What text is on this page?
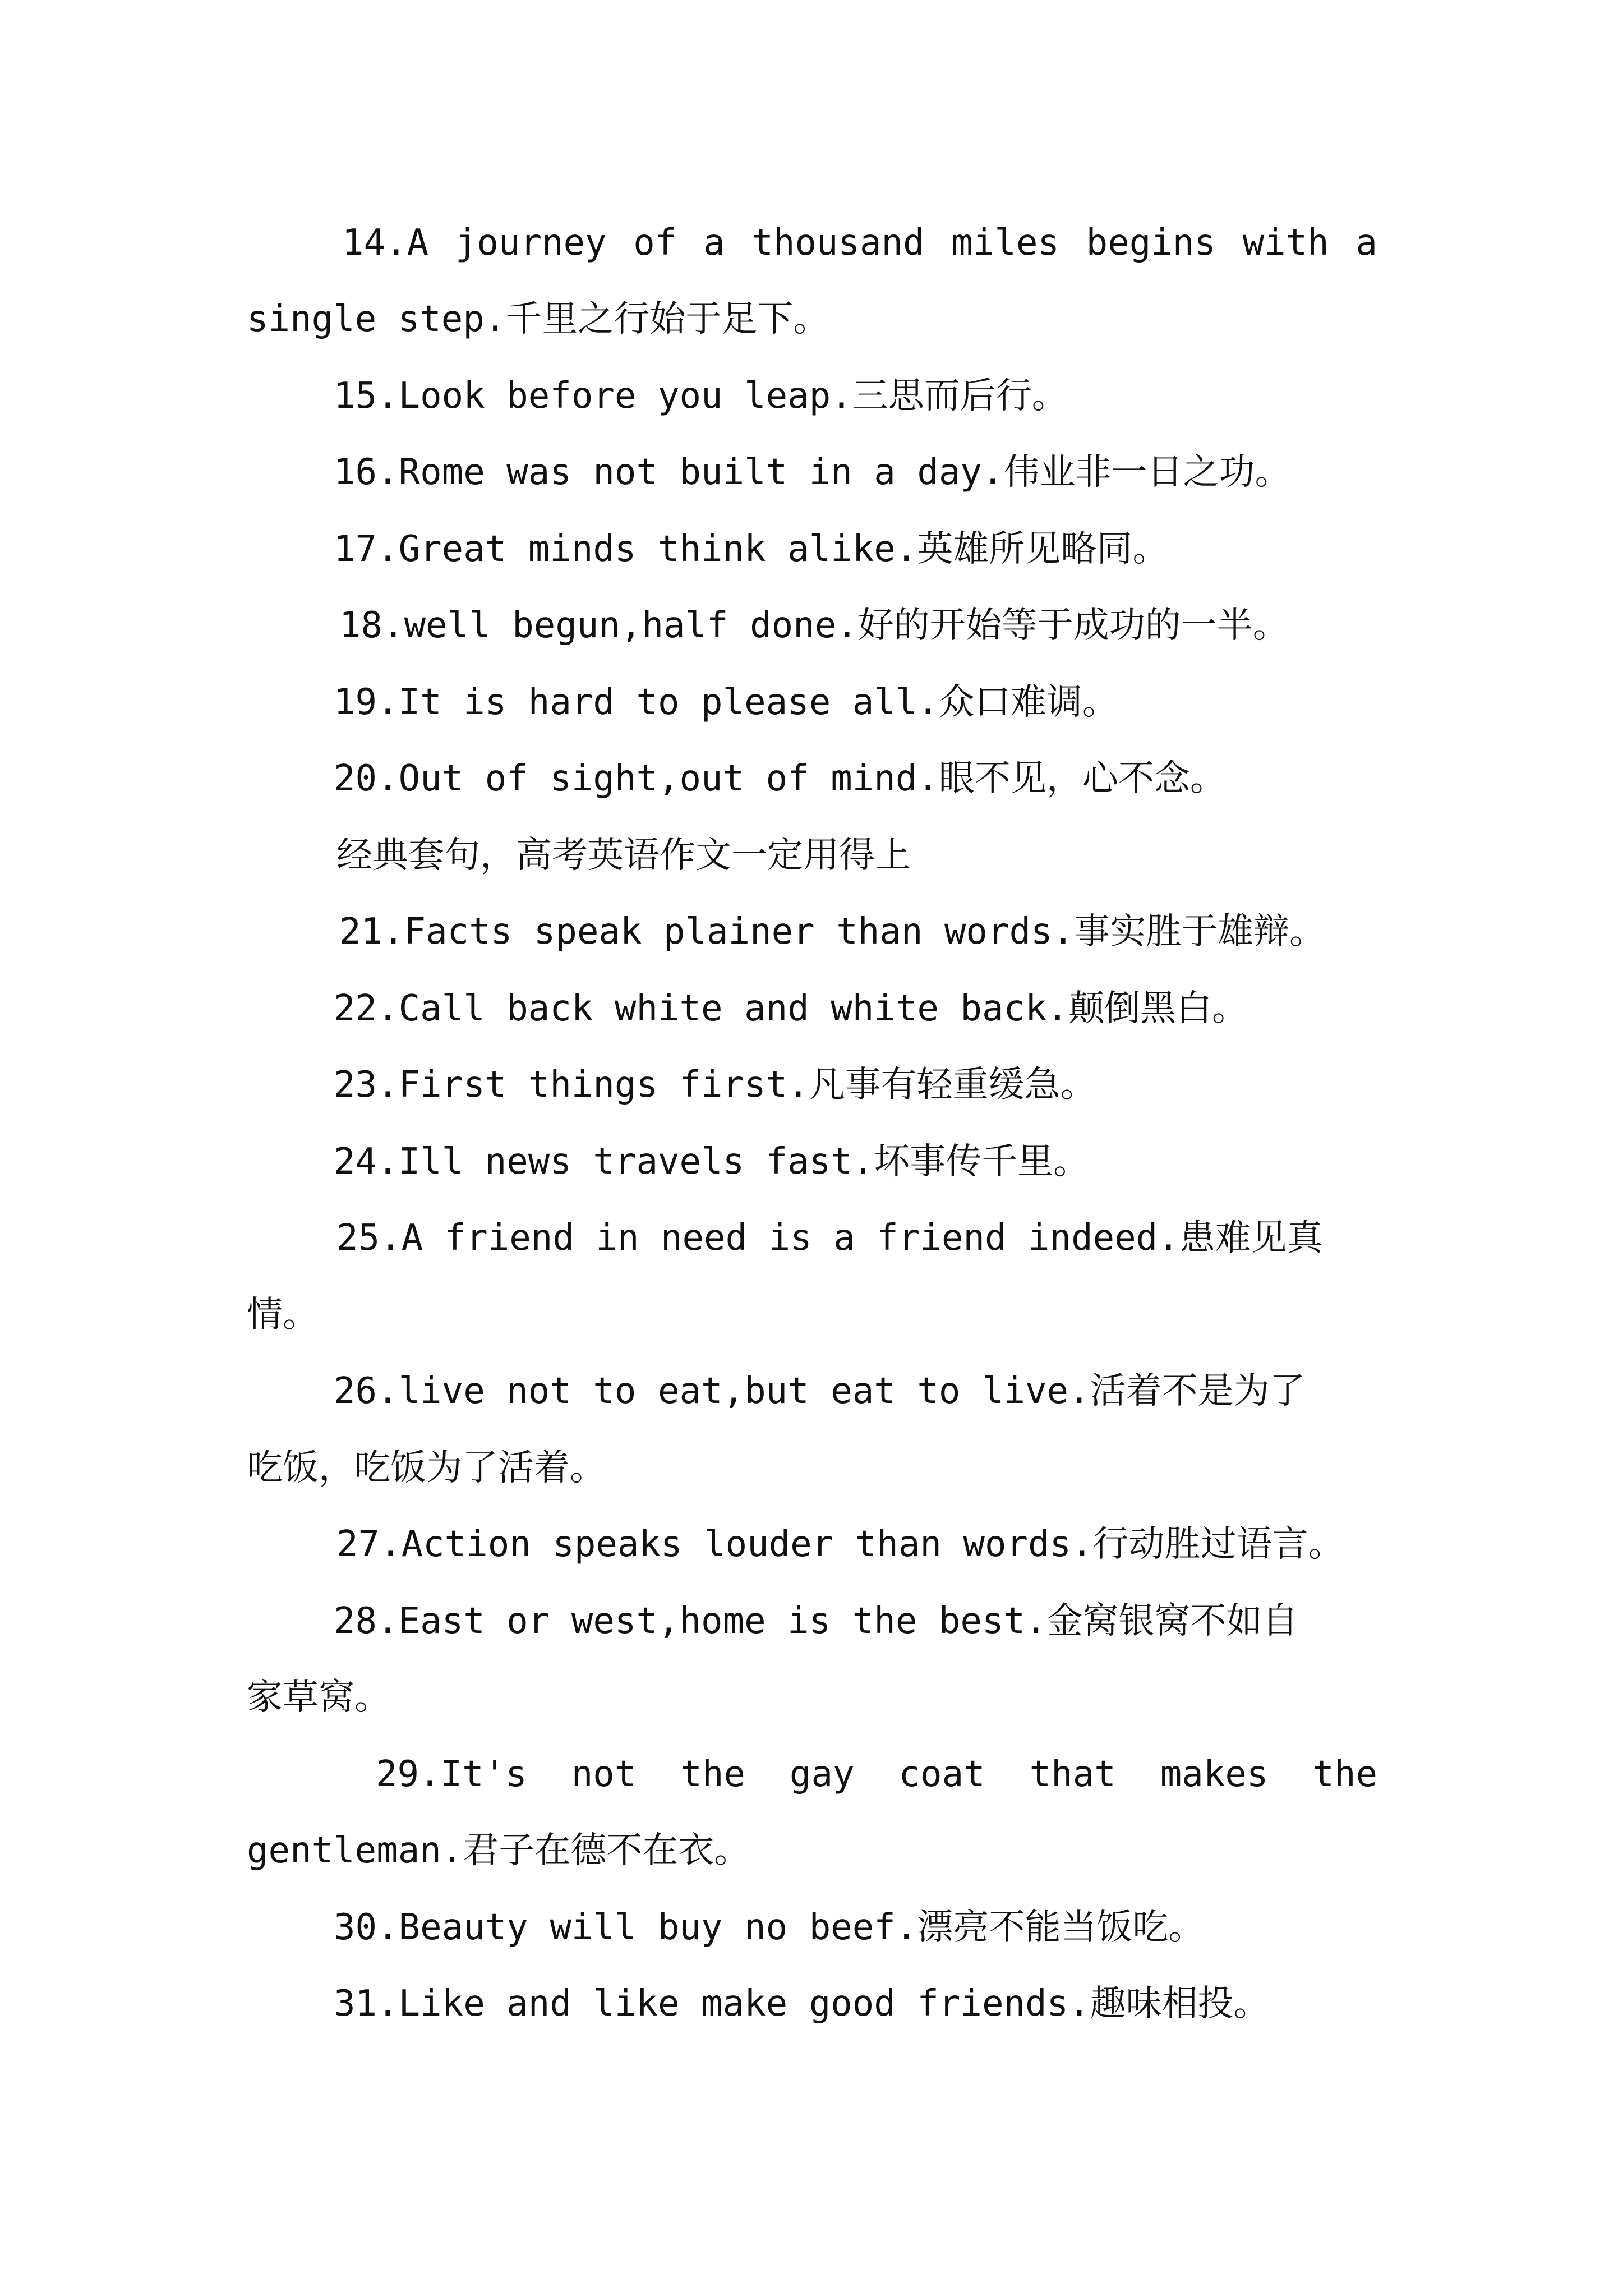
14.A journey of a thousand miles begins with a
single step.千里之行始于足下。
15.Look before you leap.三思而后行。
16.Rome was not built in a day.伟业非一日之功。
17.Great minds think alike.英雄所见略同。
18.well begun,half done.好的开始等于成功的一半。
19.It is hard to please all.众口难调。
20.Out of sight,out of mind.眼不见，心不念。
经典套句，高考英语作文一定用得上
21.Facts speak plainer than words.事实胜于雄辩。
22.Call back white and white back.颠倒黑白。
23.First things first.凡事有轻重缓急。
24.Ill news travels fast.坏事传千里。
25.A friend in need is a friend indeed.患难见真
情。
26.live not to eat,but eat to live.活着不是为了
吃饭，吃饭为了活着。
27.Action speaks louder than words.行动胜过语言。
28.East or west,home is the best.金窝银窝不如自
家草窝。
29.It's not the gay coat that makes the
gentleman.君子在德不在衣。
30.Beauty will buy no beef.漂亮不能当饭吃。
31.Like and like make good friends.趣味相投。
